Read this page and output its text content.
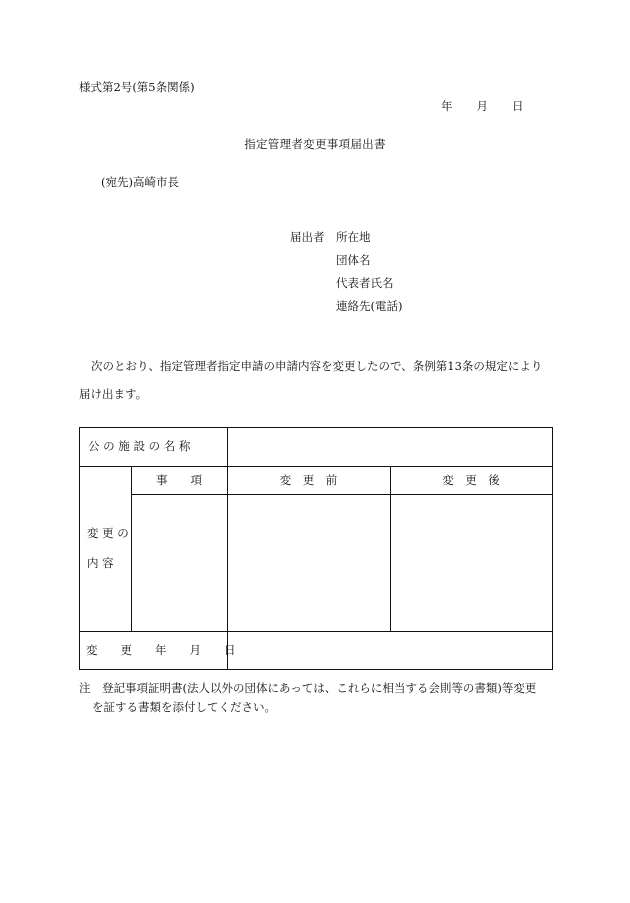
様式第2号(第5条関係)
年 月 日
指定管理者変更事項届出書
(宛先)高崎市長
届出者 所在地
団体名
代表者氏名
連絡先(電話)
次のとおり、指定管理者指定申請の申請内容を変更したので、条例第13条の規定により
届け出ます。
公 の 施 設 の 名 称
変 更 の
内 容
事　　項	変　更　前	変　更　後
変　　更　　年　　月　　日
注　登記事項証明書(法人以外の団体にあっては、これらに相当する会則等の書類)等変更
を証する書類を添付してください。
